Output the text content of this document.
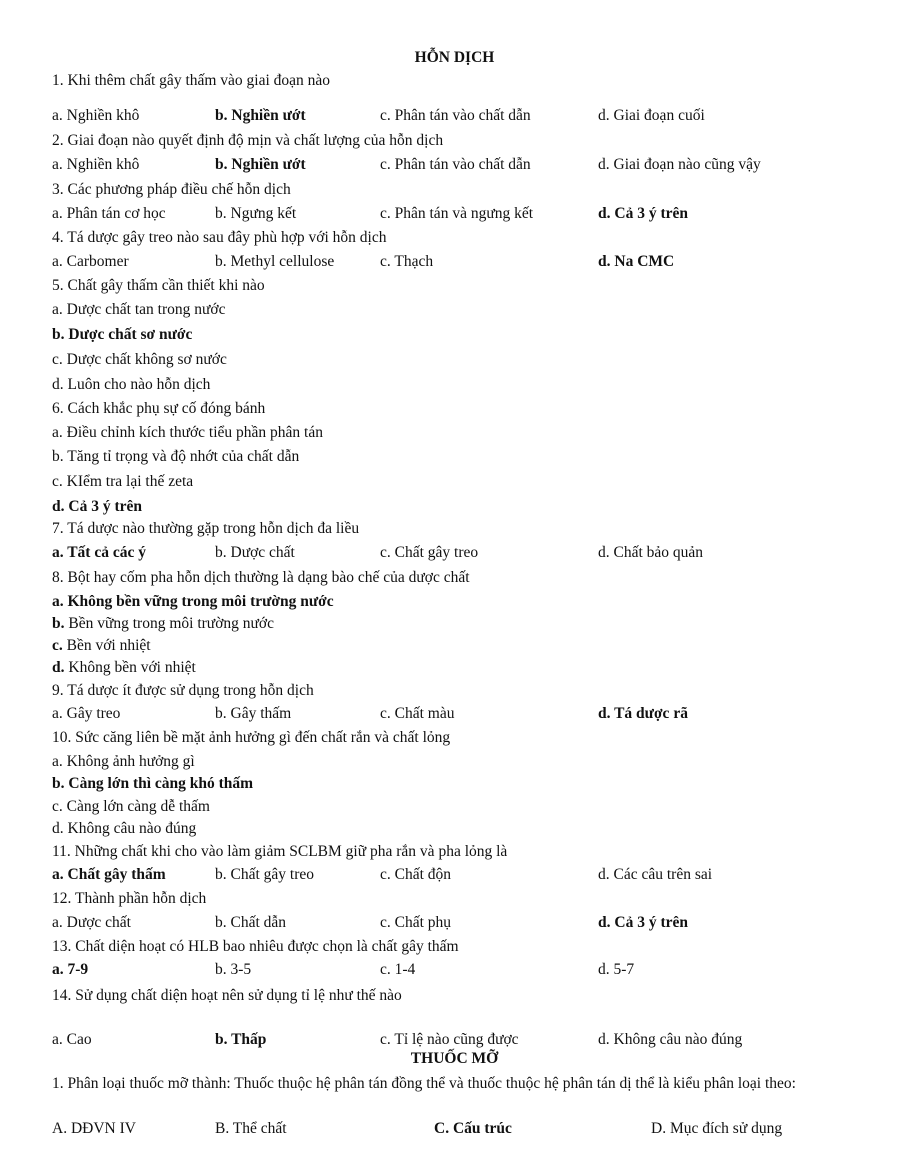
HỖN DỊCH
1. Khi thêm chất gây thấm vào giai đoạn nào
a. Nghiền khô	b. Nghiền ướt	c. Phân tán vào chất dẫn	d. Giai đoạn cuối
2. Giai đoạn nào quyết định độ mịn và chất lượng của hỗn dịch
a. Nghiền khô	b. Nghiền ướt	c. Phân tán vào chất dẫn	d. Giai đoạn nào cũng vậy
3. Các phương pháp điều chế hỗn dịch
a. Phân tán cơ học	b. Ngưng kết	c. Phân tán và ngưng kết	d. Cả 3 ý trên
4. Tá dược gây treo nào sau đây phù hợp với hỗn dịch
a. Carbomer	b. Methyl cellulose	c. Thạch	d. Na CMC
5. Chất gây thấm cần thiết khi nào
a. Dược chất tan trong nước
b. Dược chất sơ nước
c. Dược chất không sơ nước
d. Luôn cho nào hỗn dịch
6. Cách khắc phụ sự cố đóng bánh
a. Điều chỉnh kích thước tiểu phần phân tán
b. Tăng tỉ trọng và độ nhớt của chất dẫn
c. KIểm tra lại thế zeta
d. Cả 3 ý trên
7. Tá dược nào thường gặp trong hỗn dịch đa liều
a. Tất cả các ý	b. Dược chất	c. Chất gây treo	d. Chất bảo quản
8. Bột hay cốm pha hỗn dịch thường là dạng bào chế của dược chất
a. Không bền vững trong môi trường nước
b. Bền vững trong môi trường nước
c. Bền với nhiệt
d. Không bền với nhiệt
9. Tá dược ít được sử dụng trong hỗn dịch
a. Gây treo	b. Gây thấm	c. Chất màu	d. Tá dược rã
10. Sức căng liên bề mặt ảnh hưởng gì đến chất rắn và chất lỏng
a. Không ảnh hưởng gì
b. Càng lớn thì càng khó thấm
c. Càng lớn càng dễ thấm
d. Không câu nào đúng
11. Những chất khi cho vào làm giảm SCLBM giữ pha rắn và pha lỏng là
a. Chất gây thấm	b. Chất gây treo	c. Chất độn	d. Các câu trên sai
12. Thành phần hỗn dịch
a. Dược chất	b. Chất dẫn	c. Chất phụ	d. Cả 3 ý trên
13. Chất diện hoạt có HLB bao nhiêu được chọn là chất gây thấm
a. 7-9	b. 3-5	c. 1-4	d. 5-7
14. Sử dụng chất diện hoạt nên sử dụng tỉ lệ như thế nào
a. Cao	b. Thấp	c. Tỉ lệ nào cũng được	d. Không câu nào đúng
THUỐC MỠ
1. Phân loại thuốc mỡ thành: Thuốc thuộc hệ phân tán đồng thể và thuốc thuộc hệ phân tán dị thể là kiểu phân loại theo:
A. DĐVN IV	B. Thể chất	C. Cấu trúc	D. Mục đích sử dụng
